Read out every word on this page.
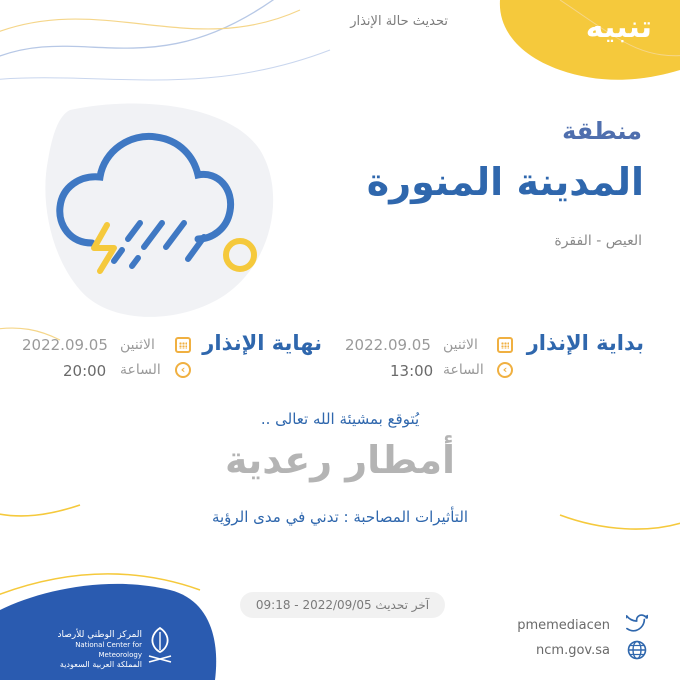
تنبيه
تحديث حالة الإنذار
منطقة
المدينة المنورة
العيص - الفقرة
بداية الإنذار
الاثنين
2022.09.05
‹
الساعة
13:00
نهاية الإنذار
الاثنين
2022.09.05
‹
الساعة
20:00
يُتوقع بمشيئة الله تعالى ..
أمطار رعدية
التأثيرات المصاحبة : تدني في مدى الرؤية
آخر تحديث 2022/09/05 - 09:18
pmemediacen
ncm.gov.sa
المركز الوطني للأرصاد
National Center for Meteorology
المملكة العربية السعودية
